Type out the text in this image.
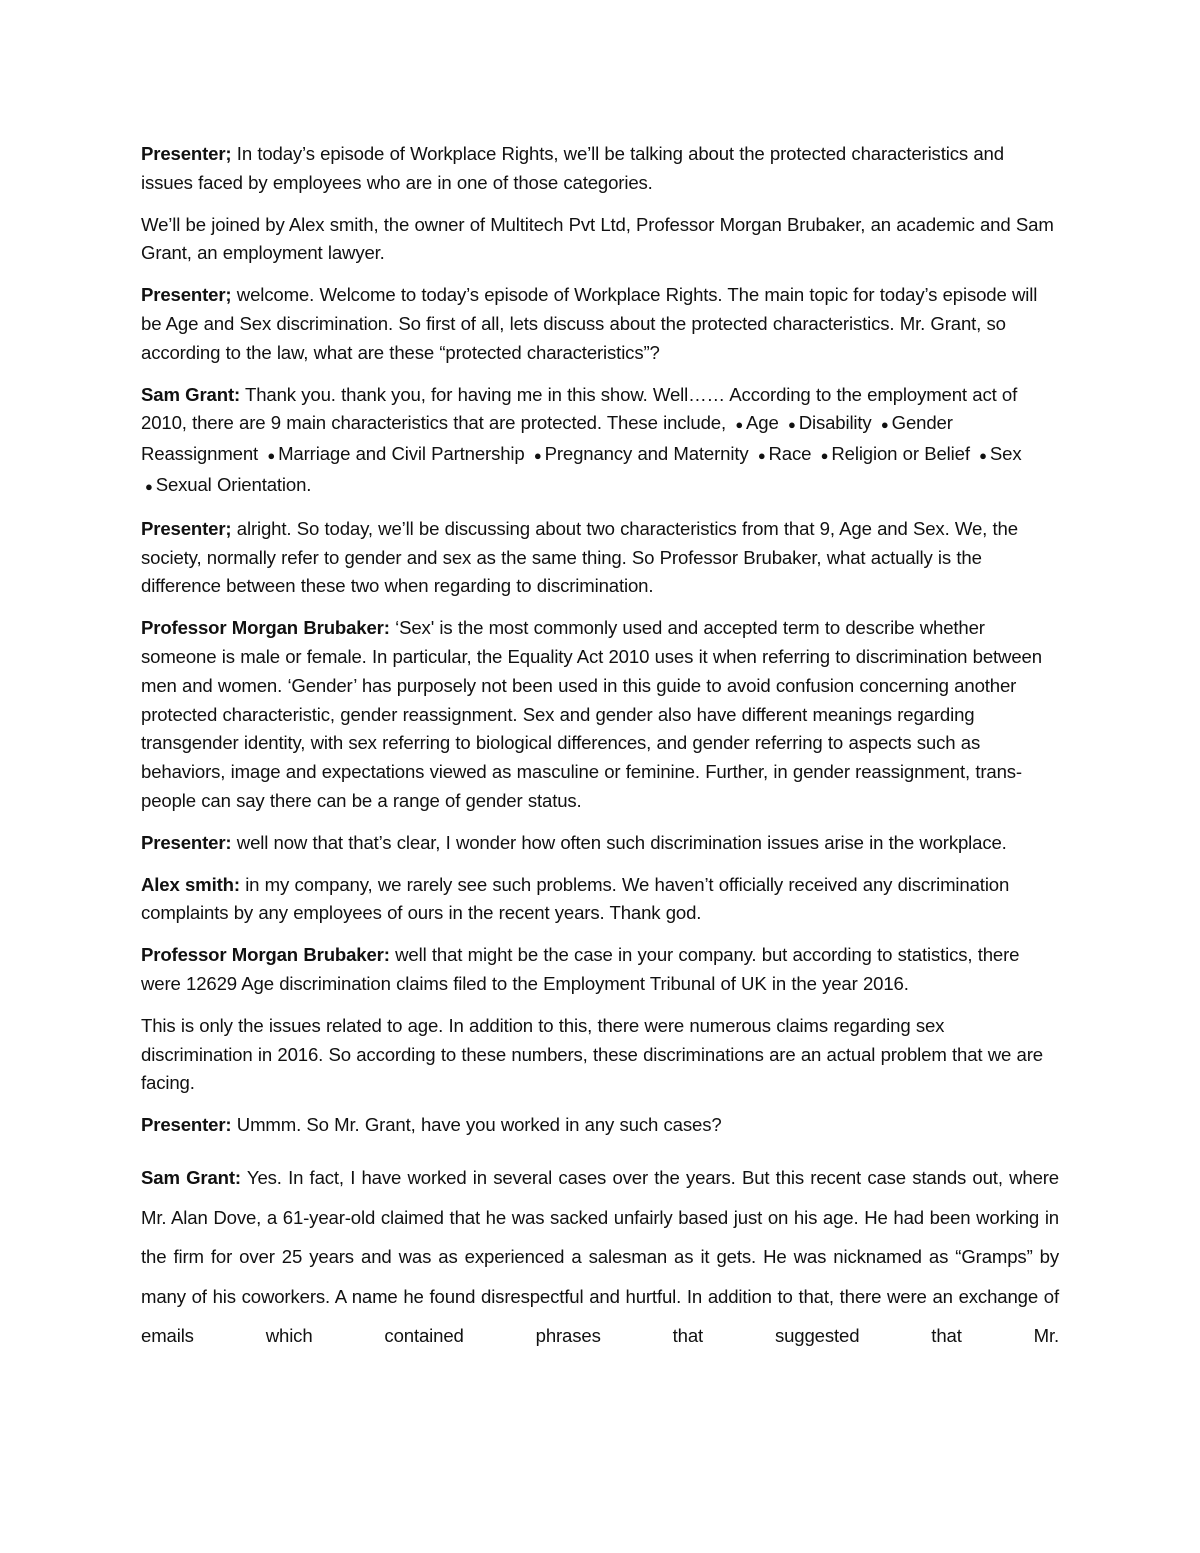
Presenter; In today’s episode of Workplace Rights, we’ll be talking about the protected characteristics and issues faced by employees who are in one of those categories.

We’ll be joined by Alex smith, the owner of Multitech Pvt Ltd, Professor Morgan Brubaker, an academic and Sam Grant, an employment lawyer.

Presenter; welcome. Welcome to today’s episode of Workplace Rights. The main topic for today’s episode will be Age and Sex discrimination. So first of all, lets discuss about the protected characteristics. Mr. Grant, so according to the law, what are these “protected characteristics”?

Sam Grant: Thank you. thank you, for having me in this show. Well…… According to the employment act of 2010, there are 9 main characteristics that are protected. These include, ● Age ● Disability ● Gender Reassignment ● Marriage and Civil Partnership ● Pregnancy and Maternity ● Race ● Religion or Belief ● Sex ● Sexual Orientation.

Presenter; alright. So today, we’ll be discussing about two characteristics from that 9, Age and Sex. We, the society, normally refer to gender and sex as the same thing. So Professor Brubaker, what actually is the difference between these two when regarding to discrimination.

Professor Morgan Brubaker: ‘Sex' is the most commonly used and accepted term to describe whether someone is male or female. In particular, the Equality Act 2010 uses it when referring to discrimination between men and women. ‘Gender’ has purposely not been used in this guide to avoid confusion concerning another protected characteristic, gender reassignment. Sex and gender also have different meanings regarding transgender identity, with sex referring to biological differences, and gender referring to aspects such as behaviors, image and expectations viewed as masculine or feminine. Further, in gender reassignment, trans-people can say there can be a range of gender status.

Presenter: well now that that’s clear, I wonder how often such discrimination issues arise in the workplace.

Alex smith: in my company, we rarely see such problems. We haven’t officially received any discrimination complaints by any employees of ours in the recent years. Thank god.

Professor Morgan Brubaker: well that might be the case in your company. but according to statistics, there were 12629 Age discrimination claims filed to the Employment Tribunal of UK in the year 2016.

This is only the issues related to age. In addition to this, there were numerous claims regarding sex discrimination in 2016. So according to these numbers, these discriminations are an actual problem that we are facing.

Presenter: Ummm. So Mr. Grant, have you worked in any such cases?

Sam Grant: Yes. In fact, I have worked in several cases over the years. But this recent case stands out, where Mr. Alan Dove, a 61-year-old claimed that he was sacked unfairly based just on his age. He had been working in the firm for over 25 years and was as experienced a salesman as it gets. He was nicknamed as “Gramps” by many of his coworkers. A name he found disrespectful and hurtful. In addition to that, there were an exchange of emails which contained phrases that suggested that Mr.
